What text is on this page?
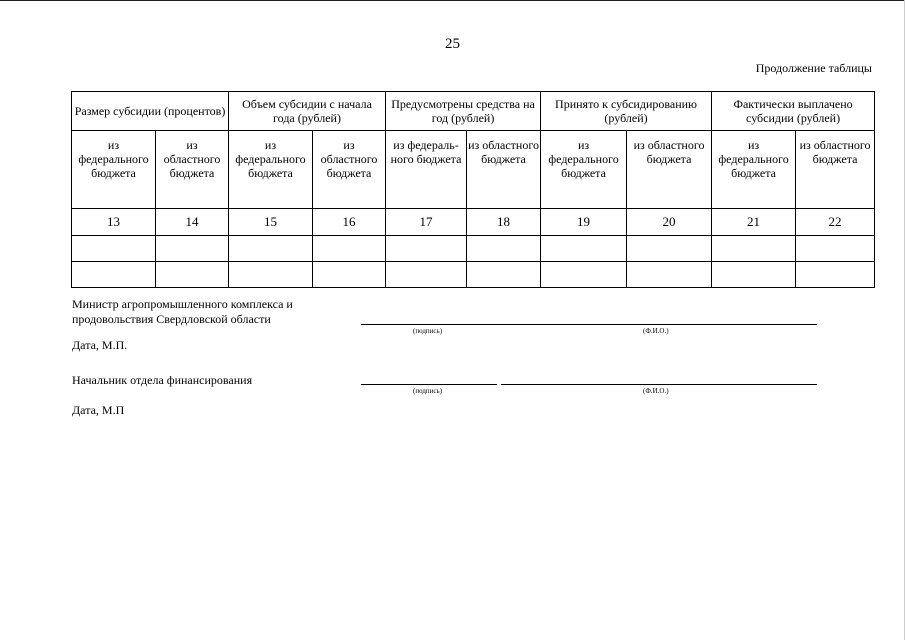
25
Продолжение таблицы
Размер субсидии (процентов)		Объем субсидии с начала года (рублей)		Предусмотрены средства на год (рублей)		Принято к субсидированию (рублей)		Фактически выплачено субсидии (рублей)	
из федерального бюджета	из областного бюджета	из федерального бюджета	из областного бюджета	из федераль-ного бюджета	из областного бюджета	из федерального бюджета	из областного бюджета	из федерального бюджета	из областного бюджета
13	14	15	16	17	18	19	20	21	22

Министр агропромышленного комплекса и продовольствия Свердловской области
(подпись)	(Ф.И.О.)
Дата, М.П.
Начальник отдела финансирования
(подпись)	(Ф.И.О.)
Дата, М.П
